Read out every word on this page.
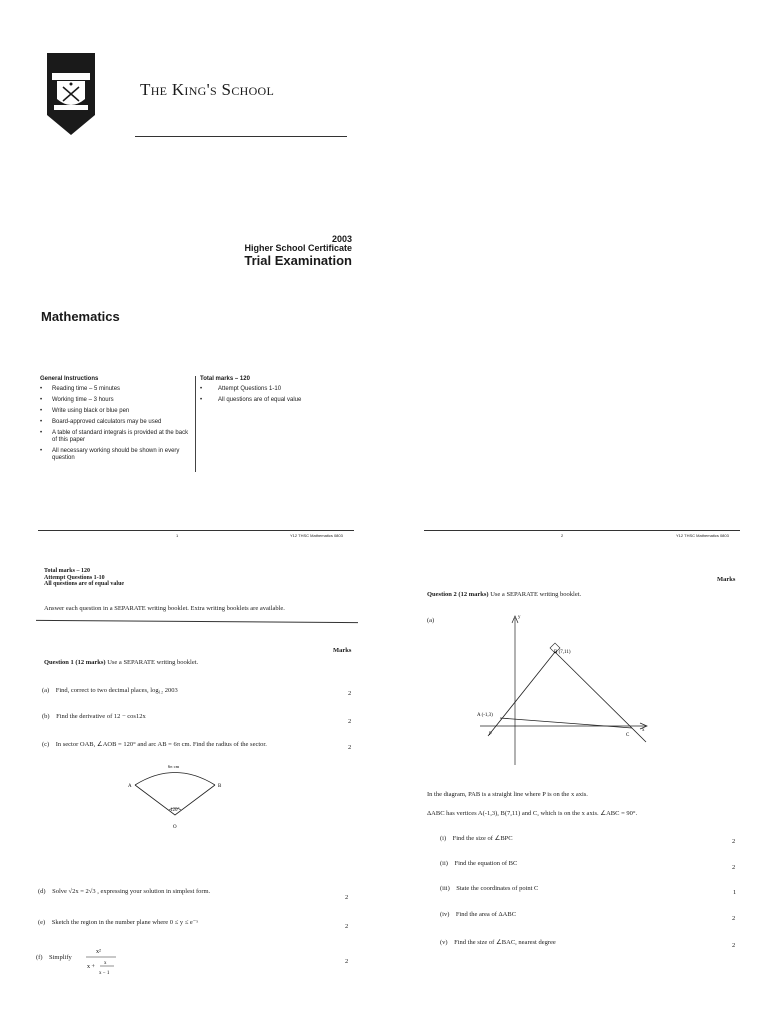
The King's School
2003
Higher School Certificate
Trial Examination
Mathematics
General Instructions
• Reading time – 5 minutes
• Working time – 3 hours
• Write using black or blue pen
• Board-approved calculators may be used
• A table of standard integrals is provided at the back of this paper
• All necessary working should be shown in every question
Total marks – 120
• Attempt Questions 1-10
• All questions are of equal value
1	Y12 THSC Mathematics 0803	2	Y12 THSC Mathematics 0803
Total marks – 120
Attempt Questions 1-10
All questions are of equal value
Answer each question in a SEPARATE writing booklet. Extra writing booklets are available.
Marks
Question 1 (12 marks) Use a SEPARATE writing booklet.
(a) Find, correct to two decimal places, log₁₂ 2003	2
(b) Find the derivative of 12 − cos12x
2
(c) In sector OAB, ∠AOB = 120° and arc AB = 6π cm. Find the radius of the sector.	2
6π cm
A	B
120°
O
(d) Solve √2x = 2√3 , expressing your solution in simplest form.
2
(e) Sketch the region in the number plane where 0 ≤ y ≤ e⁻ˣ
2
(f) Simplify
x²
x +
x
x − 1
2
Marks
Question 2 (12 marks) Use a SEPARATE writing booklet.
(a)	y
x
B (7,11)
A (-1,3)
P	C
In the diagram, PAB is a straight line where P is on the x axis.
ΔABC has vertices A(-1,3), B(7,11) and C, which is on the x axis. ∠ABC = 90°.
(i) Find the size of ∠BPC	2
(ii) Find the equation of BC
2
(iii) State the coordinates of point C
1
(iv) Find the area of ΔABC
2
(v) Find the size of ∠BAC, nearest degree	2
